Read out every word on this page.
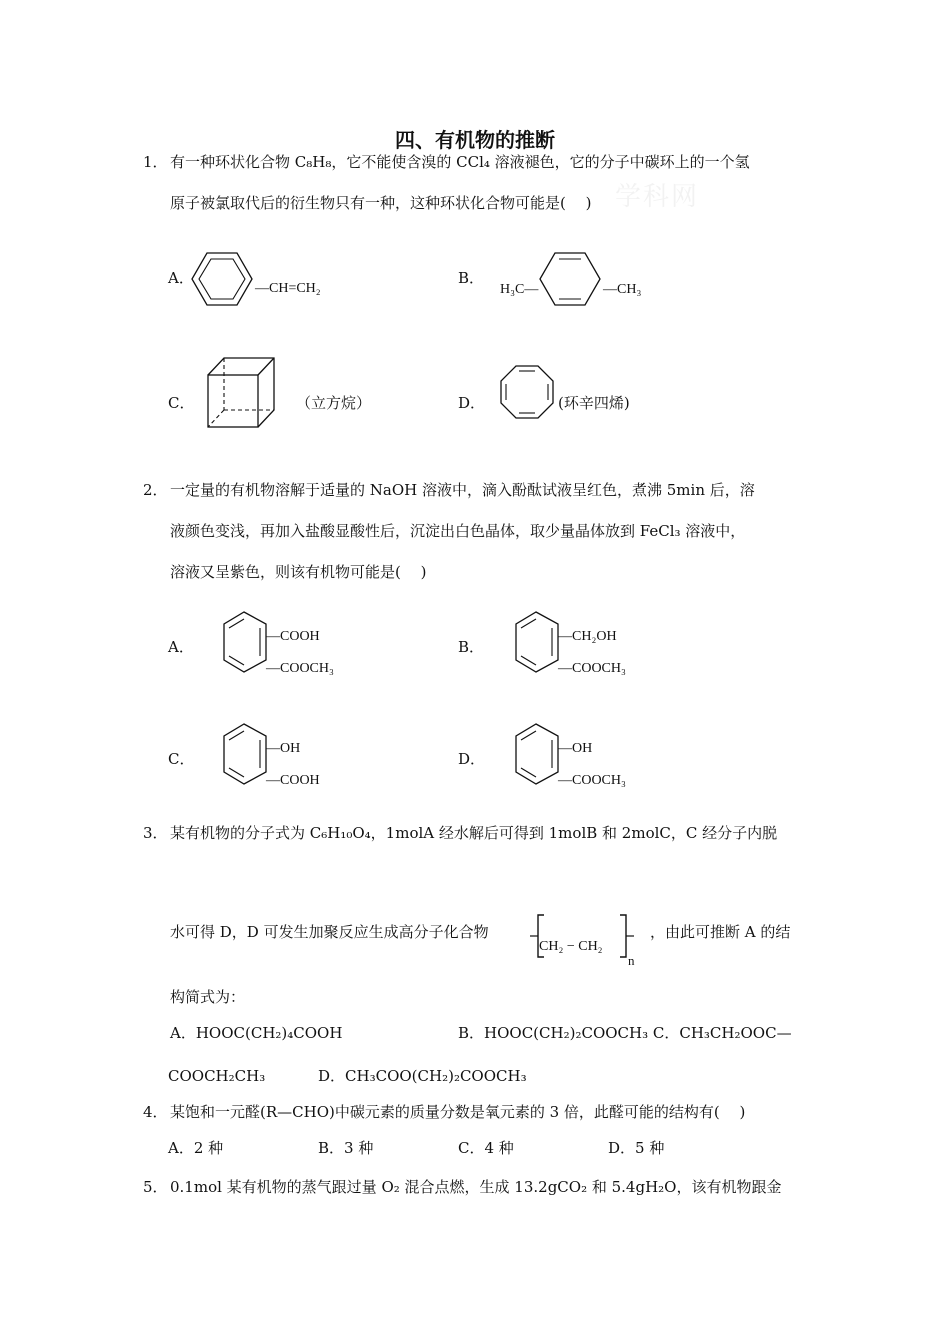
学科网
四、有机物的推断
1． 有一种环状化合物 C₈H₈，它不能使含溴的 CCl₄ 溶液褪色，它的分子中碳环上的一个氢
原子被氯取代后的衍生物只有一种，这种环状化合物可能是(　 )
A．
—CH=CH₂
B．
H₃C—	—CH₃
C．	（立方烷）	D．	(环辛四烯)
2． 一定量的有机物溶解于适量的 NaOH 溶液中，滴入酚酞试液呈红色，煮沸 5min 后，溶
液颜色变浅，再加入盐酸显酸性后，沉淀出白色晶体，取少量晶体放到 FeCl₃ 溶液中，
溶液又呈紫色，则该有机物可能是(　 )
A．
—COOH
—COOCH₃
B．
—CH₂OH
—COOCH₃
C．
—OH
—COOH
D．
—OH
—COOCH₃
3． 某有机物的分子式为 C₆H₁₀O₄，1molA 经水解后可得到 1molB 和 2molC，C 经分子内脱
水可得 D，D 可发生加聚反应生成高分子化合物
CH₂ − CH₂
n
，由此可推断 A 的结
构简式为：
A．HOOC(CH₂)₄COOH	B．HOOC(CH₂)₂COOCH₃ C．CH₃CH₂OOC—
COOCH₂CH₃	D．CH₃COO(CH₂)₂COOCH₃
4． 某饱和一元醛(R—CHO)中碳元素的质量分数是氧元素的 3 倍，此醛可能的结构有(　 )
A．2 种	B．3 种	C．4 种	D．5 种
5． 0.1mol 某有机物的蒸气跟过量 O₂ 混合点燃，生成 13.2gCO₂ 和 5.4gH₂O，该有机物跟金
